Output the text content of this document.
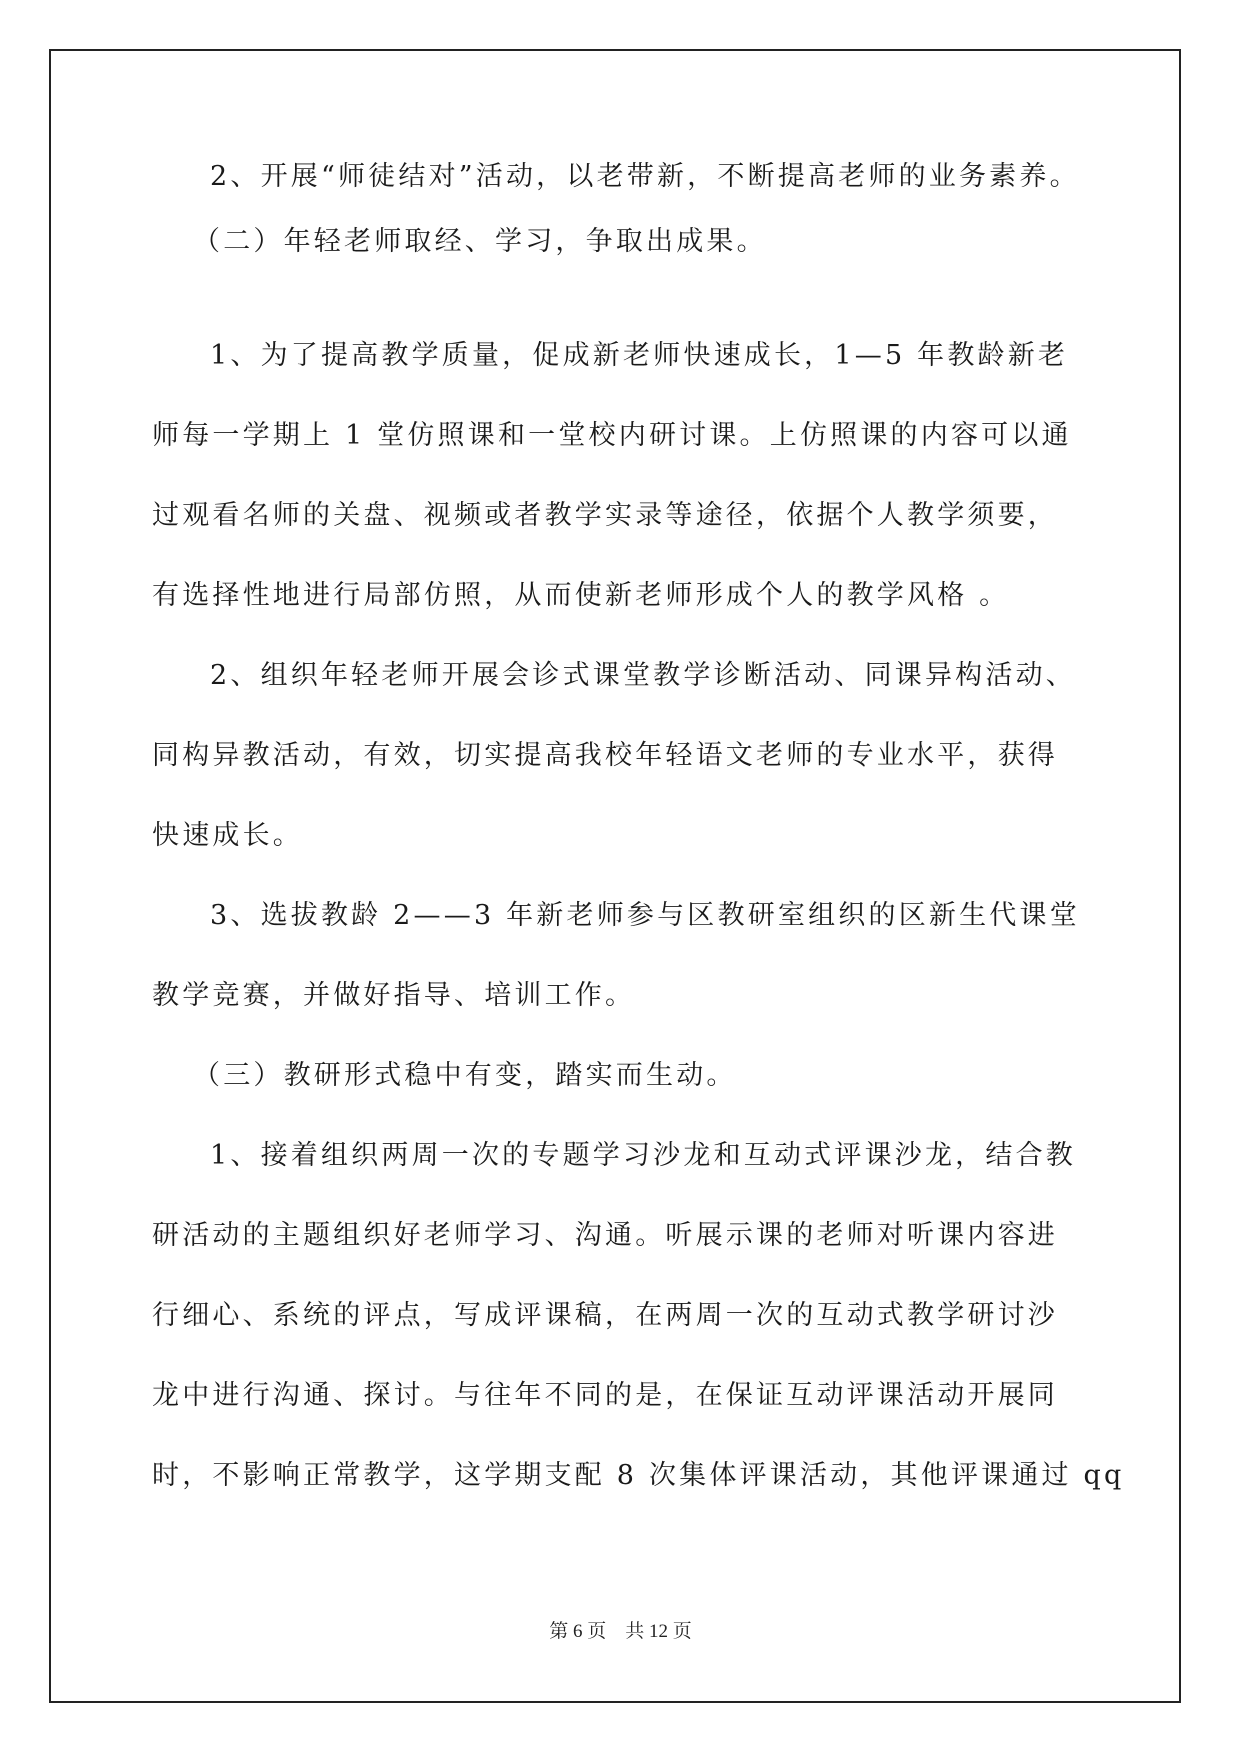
2、开展“师徒结对”活动，以老带新，不断提高老师的业务素养。
（二）年轻老师取经、学习，争取出成果。
1、为了提高教学质量，促成新老师快速成长，1—5 年教龄新老
师每一学期上 1 堂仿照课和一堂校内研讨课。上仿照课的内容可以通
过观看名师的关盘、视频或者教学实录等途径，依据个人教学须要，
有选择性地进行局部仿照，从而使新老师形成个人的教学风格 。
2、组织年轻老师开展会诊式课堂教学诊断活动、同课异构活动、
同构异教活动，有效，切实提高我校年轻语文老师的专业水平，获得
快速成长。
3、选拔教龄 2——3 年新老师参与区教研室组织的区新生代课堂
教学竞赛，并做好指导、培训工作。
（三）教研形式稳中有变，踏实而生动。
1、接着组织两周一次的专题学习沙龙和互动式评课沙龙，结合教
研活动的主题组织好老师学习、沟通。听展示课的老师对听课内容进
行细心、系统的评点，写成评课稿，在两周一次的互动式教学研讨沙
龙中进行沟通、探讨。与往年不同的是，在保证互动评课活动开展同
时，不影响正常教学，这学期支配 8 次集体评课活动，其他评课通过 qq
第 6 页    共 12 页
